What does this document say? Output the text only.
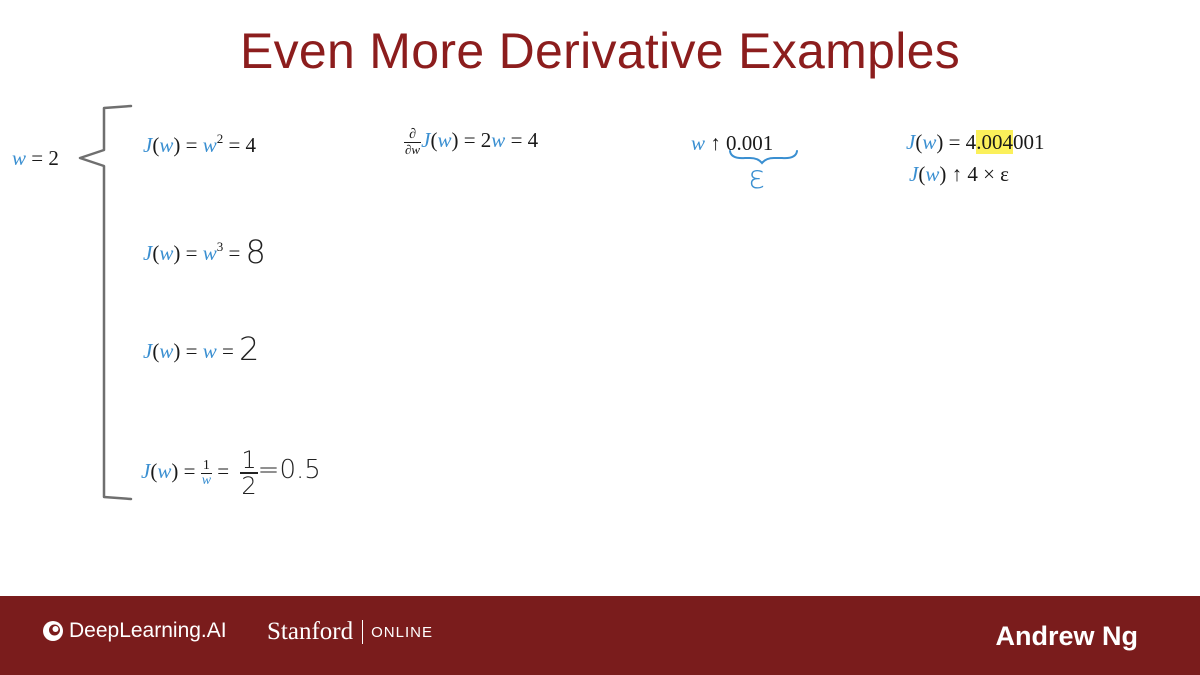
Even More Derivative Examples
w = 2
$J(w) = w^2 = 4$
$J(w) = w^3 = 8$
J(w) = w = 2
$J(w) = \frac{1}{w} = \frac{1}{2} =0.5$
$\frac{\partial}{\partial w} J(w) = 2w = 4$	w ↑ 0.001
ε
J(w) = 4.004001
J(w) ↑ 4 × ε
DeepLearning.AI Stanford ONLINE	Andrew Ng
